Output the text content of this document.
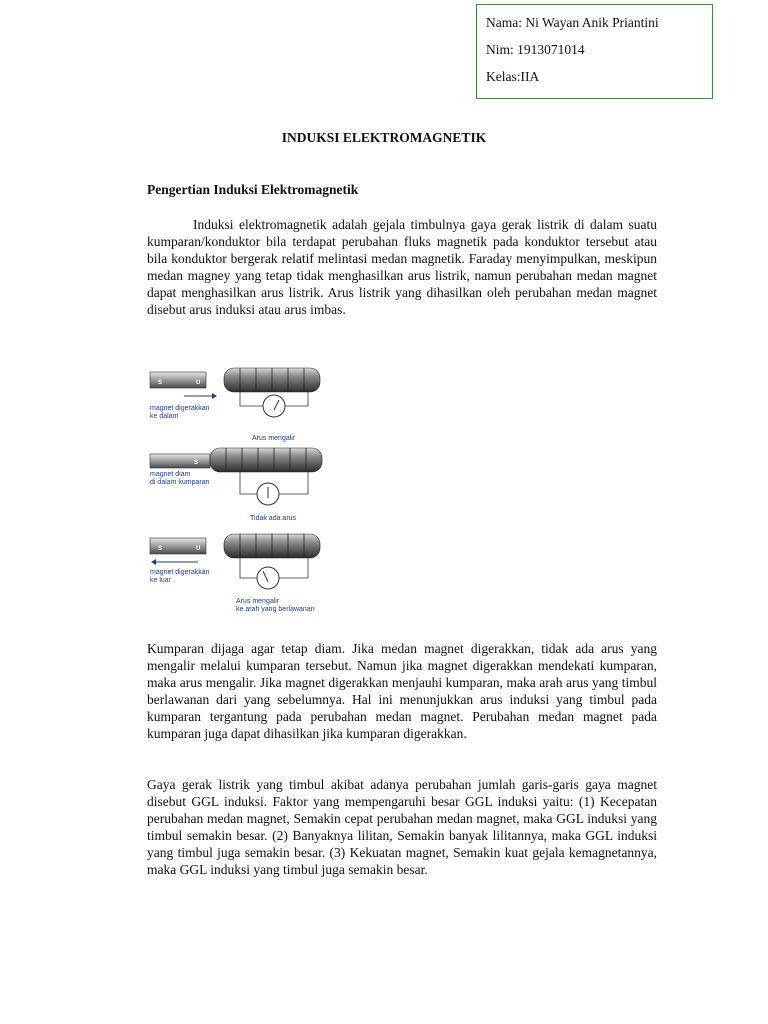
Nama: Ni Wayan Anik Priantini
Nim: 1913071014
Kelas:IIA
INDUKSI ELEKTROMAGNETIK
Pengertian Induksi Elektromagnetik

Induksi elektromagnetik adalah gejala timbulnya gaya gerak listrik di dalam suatu kumparan/konduktor bila terdapat perubahan fluks magnetik pada konduktor tersebut atau bila konduktor bergerak relatif melintasi medan magnetik. Faraday menyimpulkan, meskipun medan magney yang tetap tidak menghasilkan arus listrik, namun perubahan medan magnet dapat menghasilkan arus listrik. Arus listrik yang dihasilkan oleh perubahan medan magnet disebut arus induksi atau arus imbas.

S	U
magnet digerakkan
ke dalam
Arus mengalir
S
magnet diam
di dalam kumparan
Tidak ada arus
S	U
magnet digerakkan
ke luar
Arus mengalir
ke arah yang berlawanan

Kumparan dijaga agar tetap diam. Jika medan magnet digerakkan, tidak ada arus yang mengalir melalui kumparan tersebut. Namun jika magnet digerakkan mendekati kumparan, maka arus mengalir. Jika magnet digerakkan menjauhi kumparan, maka arah arus yang timbul berlawanan dari yang sebelumnya. Hal ini menunjukkan arus induksi yang timbul pada kumparan tergantung pada perubahan medan magnet. Perubahan medan magnet pada kumparan juga dapat dihasilkan jika kumparan digerakkan.

Gaya gerak listrik yang timbul akibat adanya perubahan jumlah garis-garis gaya magnet disebut GGL induksi. Faktor yang mempengaruhi besar GGL induksi yaitu: (1) Kecepatan perubahan medan magnet, Semakin cepat perubahan medan magnet, maka GGL induksi yang timbul semakin besar. (2) Banyaknya lilitan, Semakin banyak lilitannya, maka GGL induksi yang timbul juga semakin besar. (3) Kekuatan magnet, Semakin kuat gejala kemagnetannya, maka GGL induksi yang timbul juga semakin besar.
